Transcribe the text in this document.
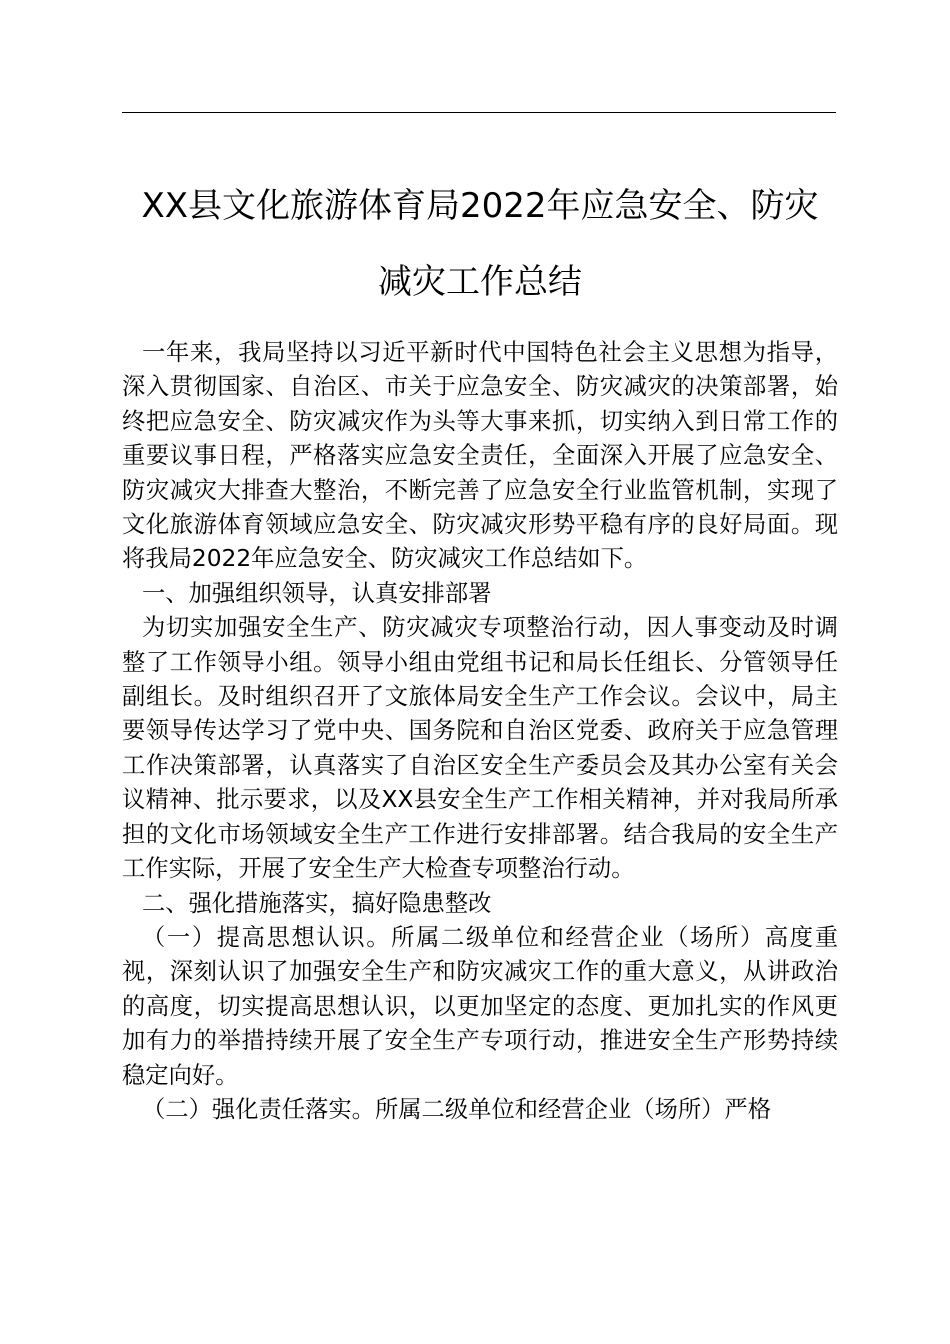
XX县文化旅游体育局2022年应急安全、防灾
减灾工作总结

一年来，我局坚持以习近平新时代中国特色社会主义思想为指导，深入贯彻国家、自治区、市关于应急安全、防灾减灾的决策部署，始终把应急安全、防灾减灾作为头等大事来抓，切实纳入到日常工作的重要议事日程，严格落实应急安全责任，全面深入开展了应急安全、防灾减灾大排查大整治，不断完善了应急安全行业监管机制，实现了文化旅游体育领域应急安全、防灾减灾形势平稳有序的良好局面。现将我局2022年应急安全、防灾减灾工作总结如下。

一、加强组织领导，认真安排部署

为切实加强安全生产、防灾减灾专项整治行动，因人事变动及时调整了工作领导小组。领导小组由党组书记和局长任组长、分管领导任副组长。及时组织召开了文旅体局安全生产工作会议。会议中，局主要领导传达学习了党中央、国务院和自治区党委、政府关于应急管理工作决策部署，认真落实了自治区安全生产委员会及其办公室有关会议精神、批示要求，以及XX县安全生产工作相关精神，并对我局所承担的文化市场领域安全生产工作进行安排部署。结合我局的安全生产工作实际，开展了安全生产大检查专项整治行动。

二、强化措施落实，搞好隐患整改

（一）提高思想认识。所属二级单位和经营企业（场所）高度重视，深刻认识了加强安全生产和防灾减灾工作的重大意义，从讲政治的高度，切实提高思想认识，以更加坚定的态度、更加扎实的作风更加有力的举措持续开展了安全生产专项行动，推进安全生产形势持续稳定向好。

（二）强化责任落实。所属二级单位和经营企业（场所）严格
